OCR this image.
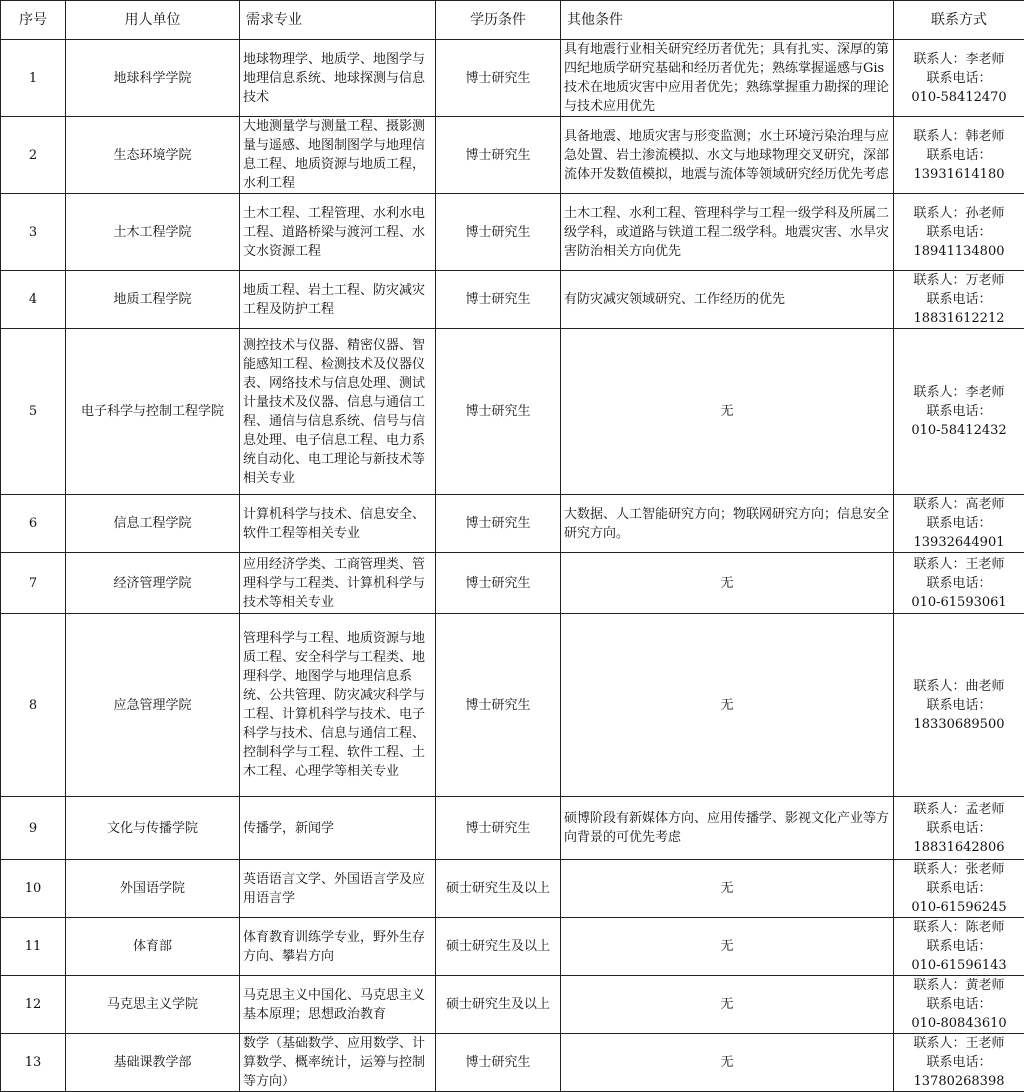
序号	用人单位	需求专业	学历条件	其他条件	联系方式
1	地球科学学院	地球物理学、地质学、地图学与地理信息系统、地球探测与信息技术	博士研究生	具有地震行业相关研究经历者优先；具有扎实、深厚的第四纪地质学研究基础和经历者优先；熟练掌握遥感与Gis技术在地质灾害中应用者优先；熟练掌握重力勘探的理论与技术应用优先	联系人：李老师
联系电话：
010-58412470

2	生态环境学院	大地测量学与测量工程、摄影测量与遥感、地图制图学与地理信息工程、地质资源与地质工程，水利工程	博士研究生	具备地震、地质灾害与形变监测；水土环境污染治理与应急处置、岩土渗流模拟、水文与地球物理交叉研究，深部流体开发数值模拟，地震与流体等领域研究经历优先考虑	联系人：韩老师
联系电话：
13931614180

3	土木工程学院	土木工程、工程管理、水利水电工程、道路桥梁与渡河工程、水文水资源工程	博士研究生	土木工程、水利工程、管理科学与工程一级学科及所属二级学科，或道路与铁道工程二级学科。地震灾害、水旱灾害防治相关方向优先	联系人：孙老师
联系电话：
18941134800

4	地质工程学院	地质工程、岩土工程、防灾减灾工程及防护工程	博士研究生	有防灾减灾领域研究、工作经历的优先	联系人：万老师
联系电话：
18831612212

5	电子科学与控制工程学院	测控技术与仪器、精密仪器、智能感知工程、检测技术及仪器仪表、网络技术与信息处理、测试计量技术及仪器、信息与通信工程、通信与信息系统、信号与信息处理、电子信息工程、电力系统自动化、电工理论与新技术等相关专业	博士研究生	无	联系人：李老师
联系电话：
010-58412432

6	信息工程学院	计算机科学与技术、信息安全、软件工程等相关专业	博士研究生	大数据、人工智能研究方向；物联网研究方向；信息安全研究方向。	联系人：高老师
联系电话：
13932644901

7	经济管理学院	应用经济学类、工商管理类、管理科学与工程类、计算机科学与技术等相关专业	博士研究生	无	联系人：王老师
联系电话：
010-61593061

8	应急管理学院	管理科学与工程、地质资源与地质工程、安全科学与工程类、地理科学、地图学与地理信息系统、公共管理、防灾减灾科学与工程、计算机科学与技术、电子科学与技术、信息与通信工程、控制科学与工程、软件工程、土木工程、心理学等相关专业	博士研究生	无	联系人：曲老师
联系电话：
18330689500

9	文化与传播学院	传播学，新闻学	博士研究生	硕博阶段有新媒体方向、应用传播学、影视文化产业等方向背景的可优先考虑	联系人：孟老师
联系电话：
18831642806

10	外国语学院	英语语言文学、外国语言学及应用语言学	硕士研究生及以上	无	联系人：张老师
联系电话：
010-61596245

11	体育部	体育教育训练学专业，野外生存方向、攀岩方向	硕士研究生及以上	无	联系人：陈老师
联系电话：
010-61596143

12	马克思主义学院	马克思主义中国化、马克思主义基本原理；思想政治教育	硕士研究生及以上	无	联系人：黄老师
联系电话：
010-80843610

13	基础课教学部	数学（基础数学、应用数学、计算数学、概率统计，运筹与控制等方向）	博士研究生	无	联系人：王老师
联系电话：
13780268398
